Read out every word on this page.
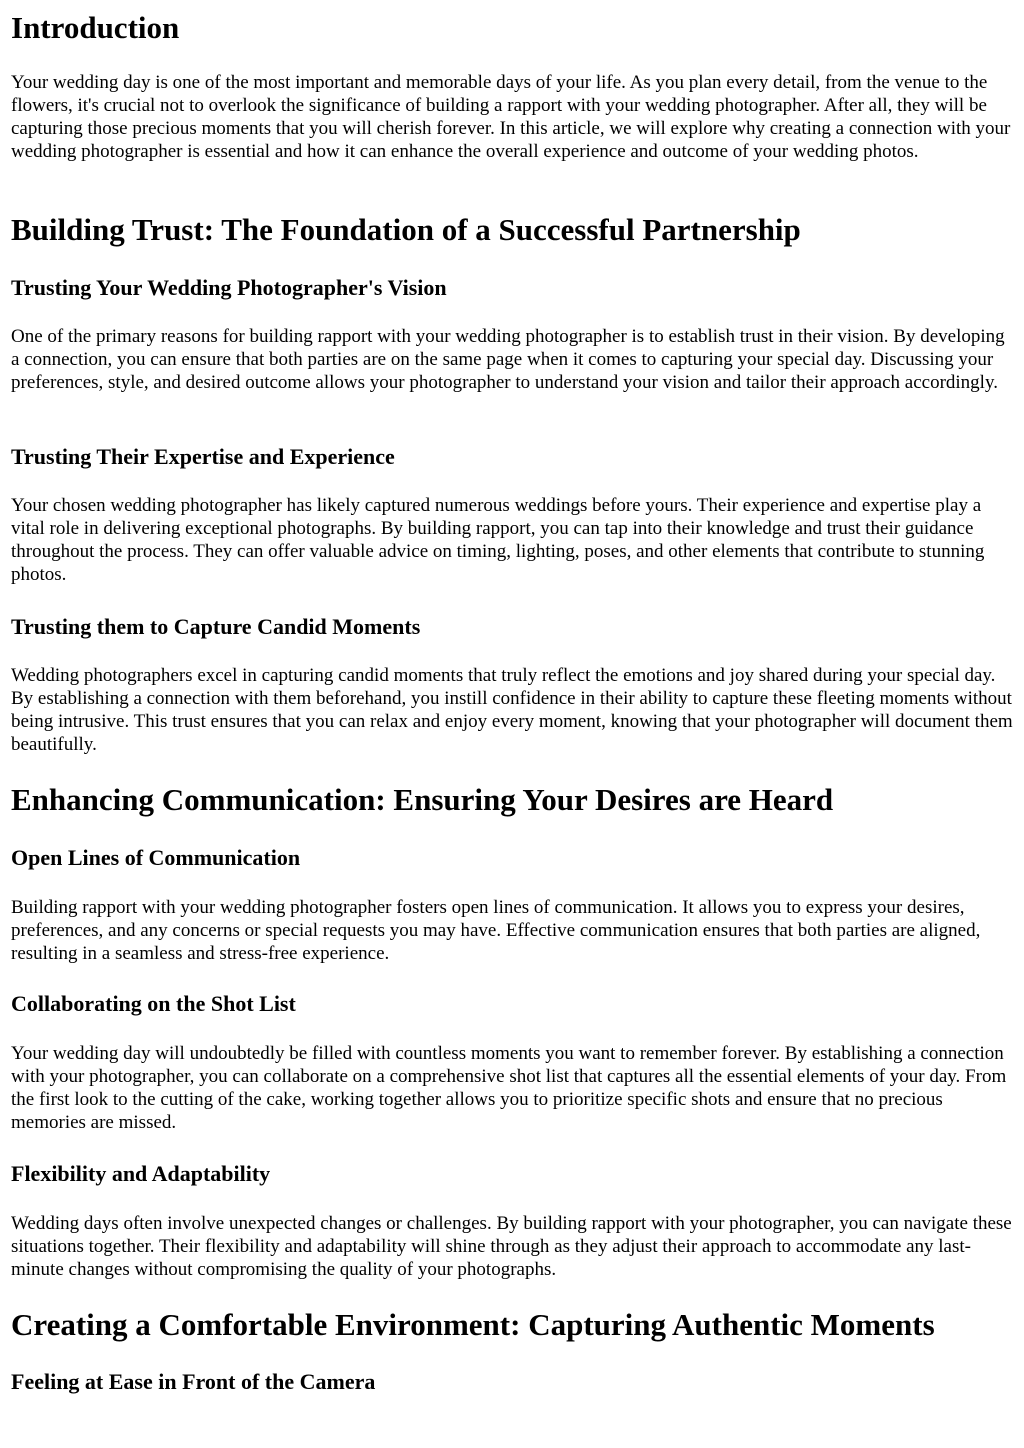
Introduction

Your wedding day is one of the most important and memorable days of your life. As you plan every detail, from the venue to the flowers, it's crucial not to overlook the significance of building a rapport with your wedding photographer. After all, they will be capturing those precious moments that you will cherish forever. In this article, we will explore why creating a connection with your wedding photographer is essential and how it can enhance the overall experience and outcome of your wedding photos.

Building Trust: The Foundation of a Successful Partnership
Trusting Your Wedding Photographer's Vision

One of the primary reasons for building rapport with your wedding photographer is to establish trust in their vision. By developing a connection, you can ensure that both parties are on the same page when it comes to capturing your special day. Discussing your preferences, style, and desired outcome allows your photographer to understand your vision and tailor their approach accordingly.

Trusting Their Expertise and Experience

Your chosen wedding photographer has likely captured numerous weddings before yours. Their experience and expertise play a vital role in delivering exceptional photographs. By building rapport, you can tap into their knowledge and trust their guidance throughout the process. They can offer valuable advice on timing, lighting, poses, and other elements that contribute to stunning photos.

Trusting them to Capture Candid Moments

Wedding photographers excel in capturing candid moments that truly reflect the emotions and joy shared during your special day. By establishing a connection with them beforehand, you instill confidence in their ability to capture these fleeting moments without being intrusive. This trust ensures that you can relax and enjoy every moment, knowing that your photographer will document them beautifully.

Enhancing Communication: Ensuring Your Desires are Heard
Open Lines of Communication

Building rapport with your wedding photographer fosters open lines of communication. It allows you to express your desires, preferences, and any concerns or special requests you may have. Effective communication ensures that both parties are aligned, resulting in a seamless and stress-free experience.

Collaborating on the Shot List

Your wedding day will undoubtedly be filled with countless moments you want to remember forever. By establishing a connection with your photographer, you can collaborate on a comprehensive shot list that captures all the essential elements of your day. From the first look to the cutting of the cake, working together allows you to prioritize specific shots and ensure that no precious memories are missed.

Flexibility and Adaptability

Wedding days often involve unexpected changes or challenges. By building rapport with your photographer, you can navigate these situations together. Their flexibility and adaptability will shine through as they adjust their approach to accommodate any last-minute changes without compromising the quality of your photographs.

Creating a Comfortable Environment: Capturing Authentic Moments
Feeling at Ease in Front of the Camera
